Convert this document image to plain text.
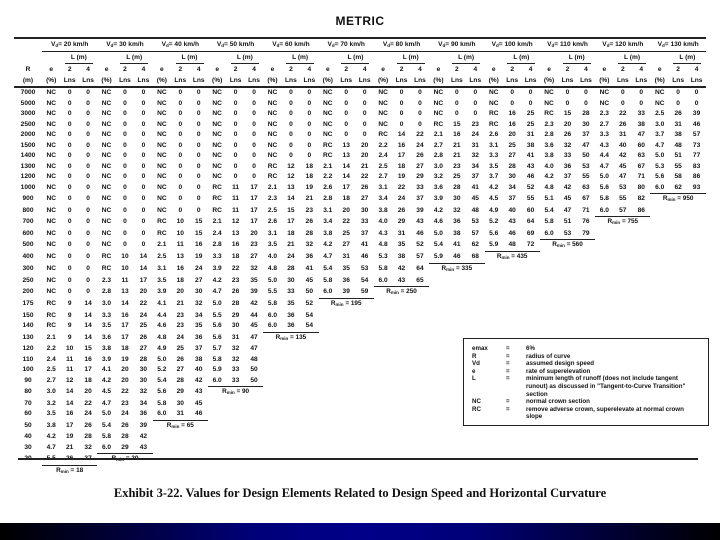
METRIC
	$V_d= 20$ km/h			$V_d= 30$ km/h			$V_d= 40$ km/h			$V_d= 50$ km/h			$V_d= 60$ km/h			$V_d= 70$ km/h			$V_d= 80$ km/h			$V_d= 90$ km/h			$V_d= 100$ km/h			$V_d= 110$ km/h			$V_d= 120$ km/h			$V_d= 130$ km/h		
		L (m)			L (m)			L (m)			L (m)			L (m)			L (m)			L (m)			L (m)			L (m)			L (m)			L (m)			L (m)	
R	e	2	4	e	2	4	e	2	4	e	2	4	e	2	4	e	2	4	e	2	4	e	2	4	e	2	4	e	2	4	e	2	4	e	2	4
(m)	(%)	Lns	Lns	(%)	Lns	Lns	(%)	Lns	Lns	(%)	Lns	Lns	(%)	Lns	Lns	(%)	Lns	Lns	(%)	Lns	Lns	(%)	Lns	Lns	(%)	Lns	Lns	(%)	Lns	Lns	(%)	Lns	Lns	(%)	Lns	Lns
7000	NC	0	0	NC	0	0	NC	0	0	NC	0	0	NC	0	0	NC	0	0	NC	0	0	NC	0	0	NC	0	0	NC	0	0	NC	0	0	NC	0	0
5000	NC	0	0	NC	0	0	NC	0	0	NC	0	0	NC	0	0	NC	0	0	NC	0	0	NC	0	0	NC	0	0	NC	0	0	NC	0	0	NC	0	0
3000	NC	0	0	NC	0	0	NC	0	0	NC	0	0	NC	0	0	NC	0	0	NC	0	0	NC	0	0	RC	16	25	RC	15	28	2.3	22	33	2.5	26	39
2500	NC	0	0	NC	0	0	NC	0	0	NC	0	0	NC	0	0	NC	0	0	NC	0	0	RC	15	23	RC	16	25	2.3	20	30	2.7	26	38	3.0	31	46
2000	NC	0	0	NC	0	0	NC	0	0	NC	0	0	NC	0	0	NC	0	0	RC	14	22	2.1	16	24	2.6	20	31	2.8	26	37	3.3	31	47	3.7	38	57
1500	NC	0	0	NC	0	0	NC	0	0	NC	0	0	NC	0	0	RC	13	20	2.2	16	24	2.7	21	31	3.1	25	38	3.6	32	47	4.3	40	60	4.7	48	73
1400	NC	0	0	NC	0	0	NC	0	0	NC	0	0	NC	0	0	RC	13	20	2.4	17	26	2.8	21	32	3.3	27	41	3.8	33	50	4.4	42	63	5.0	51	77
1300	NC	0	0	NC	0	0	NC	0	0	NC	0	0	RC	12	18	2.1	14	21	2.5	18	27	3.0	23	34	3.5	28	43	4.0	36	53	4.7	45	67	5.3	55	83
1200	NC	0	0	NC	0	0	NC	0	0	NC	0	0	RC	12	18	2.2	14	22	2.7	19	29	3.2	25	37	3.7	30	46	4.2	37	55	5.0	47	71	5.6	58	86
1000	NC	0	0	NC	0	0	NC	0	0	RC	11	17	2.1	13	19	2.6	17	26	3.1	22	33	3.6	28	41	4.2	34	52	4.8	42	63	5.6	53	80	6.0	62	93
900	NC	0	0	NC	0	0	NC	0	0	RC	11	17	2.3	14	21	2.8	18	27	3.4	24	37	3.9	30	45	4.5	37	55	5.1	45	67	5.8	55	82	$R_{min} = 950$		
800	NC	0	0	NC	0	0	NC	0	0	RC	11	17	2.5	15	23	3.1	20	30	3.8	26	39	4.2	32	48	4.9	40	60	5.4	47	71	6.0	57	86			
700	NC	0	0	NC	0	0	RC	10	15	2.1	12	17	2.6	17	26	3.4	22	33	4.0	29	43	4.6	36	53	5.2	43	64	5.8	51	76	$R_{min} = 755$					
600	NC	0	0	NC	0	0	RC	10	15	2.4	13	20	3.1	18	28	3.8	25	37	4.3	31	46	5.0	38	57	5.6	46	69	6.0	53	79						
500	NC	0	0	NC	0	0	2.1	11	16	2.8	16	23	3.5	21	32	4.2	27	41	4.8	35	52	5.4	41	62	5.9	48	72	$R_{min} = 560$								
400	NC	0	0	RC	10	14	2.5	13	19	3.3	18	27	4.0	24	36	4.7	31	46	5.3	38	57	5.9	46	68	$R_{min} = 435$											
300	NC	0	0	RC	10	14	3.1	16	24	3.9	22	32	4.8	28	41	5.4	35	53	5.8	42	64	$R_{min} = 335$														
250	NC	0	0	2.3	11	17	3.5	18	27	4.2	23	35	5.0	30	45	5.8	36	54	6.0	43	65															
200	NC	0	0	2.8	13	20	3.9	20	30	4.7	26	39	5.5	33	50	6.0	39	59	$R_{min} = 250$																	
175	RC	9	14	3.0	14	22	4.1	21	32	5.0	28	42	5.8	35	52	$R_{min} = 195$																				
150	RC	9	14	3.3	16	24	4.4	23	34	5.5	29	44	6.0	36	54																					
140	RC	9	14	3.5	17	25	4.6	23	35	5.6	30	45	6.0	36	54																					
130	2.1	9	14	3.6	17	26	4.8	24	36	5.6	31	47	$R_{min} = 135$																							
120	2.2	10	15	3.8	18	27	4.9	25	37	5.7	32	47																								
110	2.4	11	16	3.9	19	28	5.0	26	38	5.8	32	48																								
100	2.5	11	17	4.1	20	30	5.2	27	40	5.9	33	50																								
90	2.7	12	18	4.2	20	30	5.4	28	42	6.0	33	50																								
80	3.0	14	20	4.5	22	32	5.6	29	43	$R_{min} = 90$																										
70	3.2	14	22	4.7	23	34	5.8	30	45																											
60	3.5	16	24	5.0	24	36	6.0	31	46																											
50	3.8	17	26	5.4	26	39	$R_{min} = 65$																													
40	4.2	19	28	5.8	28	42																														
30	4.7	21	32	6.0	29	43																														
20	5.5	26	37	$R_{min} = 30$																																
	$R_{min} = 18$																																			
emax	=	6%
R	=	radius of curve
Vd	=	assumed design speed
e	=	rate of superelevation
L	=	minimum length of runoff (does not include tangent runout) as discussed in "Tangent-to-Curve Transition" section
NC	=	normal crown section
RC	=	remove adverse crown, superelevate at normal crown slope
Exhibit 3-22. Values for Design Elements Related to Design Speed and Horizontal Curvature
